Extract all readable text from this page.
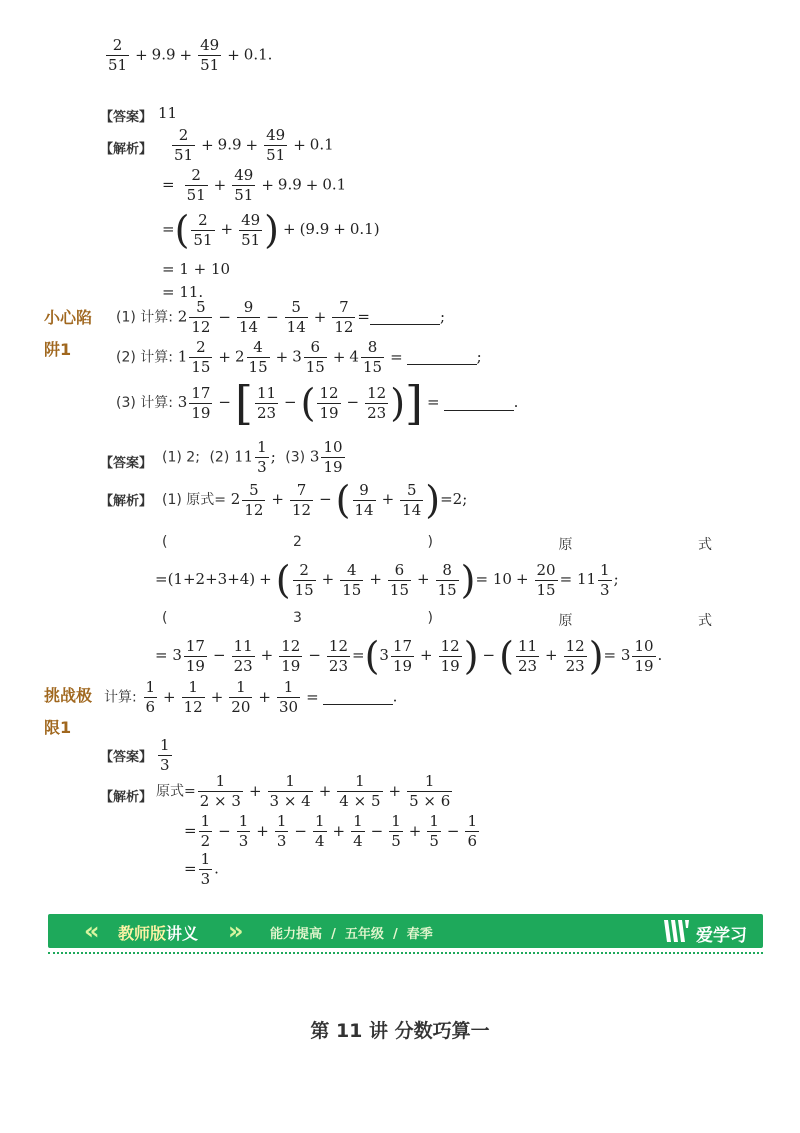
$\frac{2}{51} + 9.9 + \frac{49}{51} + 0.1$.
【答案】 11
【解析】 $\frac{2}{51} + 9.9 + \frac{49}{51} + 0.1$
= $\frac{2}{51} + \frac{49}{51} + 9.9 + 0.1$
=( $\frac{2}{51} + \frac{49}{51}$ ) + (9.9 + 0.1)
= 1 + 10
= 11.
小心陷
阱1
(1) 计算: $2 \frac{5}{12} - \frac{9}{14} - \frac{5}{14} + \frac{7}{12}$ =	;
(2) 计算: $1 \frac{2}{15} + 2 \frac{4}{15} + 3 \frac{6}{15} + 4 \frac{8}{15}$ =	;
(3) 计算: $3 \frac{17}{19}$ −[ $\frac{11}{23}$ − ( $\frac{12}{19} - \frac{12}{23}$ )] =	.
【答案】 (1) 2; (2) $11 \frac{1}{3}$ ;  (3) $3 \frac{10}{19}$
【解析】 (1) 原式= $2 \frac{5}{12} + \frac{7}{12}$ − ( $\frac{9}{14} + \frac{5}{14} )=2$;
(	2	)	原	式
=(1+2+3+4) + ( $\frac{2}{15} + \frac{4}{15} + \frac{6}{15} + \frac{8}{15}$ )= $10 + \frac{20}{15} = 11 \frac{1}{3}$ ;
(	3	)	原	式
= $3 \frac{17}{19} - \frac{11}{23} + \frac{12}{19} - \frac{12}{23} =(3 \frac{17}{19} + \frac{12}{19}$ ) − ( $\frac{11}{23} + \frac{12}{23}$ )= $3 \frac{10}{19}$ .
挑战极
限1
计算: $\frac{1}{6} + \frac{1}{12} + \frac{1}{20} + \frac{1}{30}$ =	.
【答案】 $\frac{1}{3}$
【解析】 原式= $\frac{1}{2 \times 3} + \frac{1}{3 \times 4} + \frac{1}{4 \times 5} + \frac{1}{5 \times 6}$
= $\frac{1}{2} - \frac{1}{3} + \frac{1}{3} - \frac{1}{4} + \frac{1}{4} - \frac{1}{5} + \frac{1}{5} - \frac{1}{6}$
= $\frac{1}{3}$ .
« 教师版讲义 » 能力提高  /  五年级  /  春季	爱学习
第 11 讲 分数巧算一
